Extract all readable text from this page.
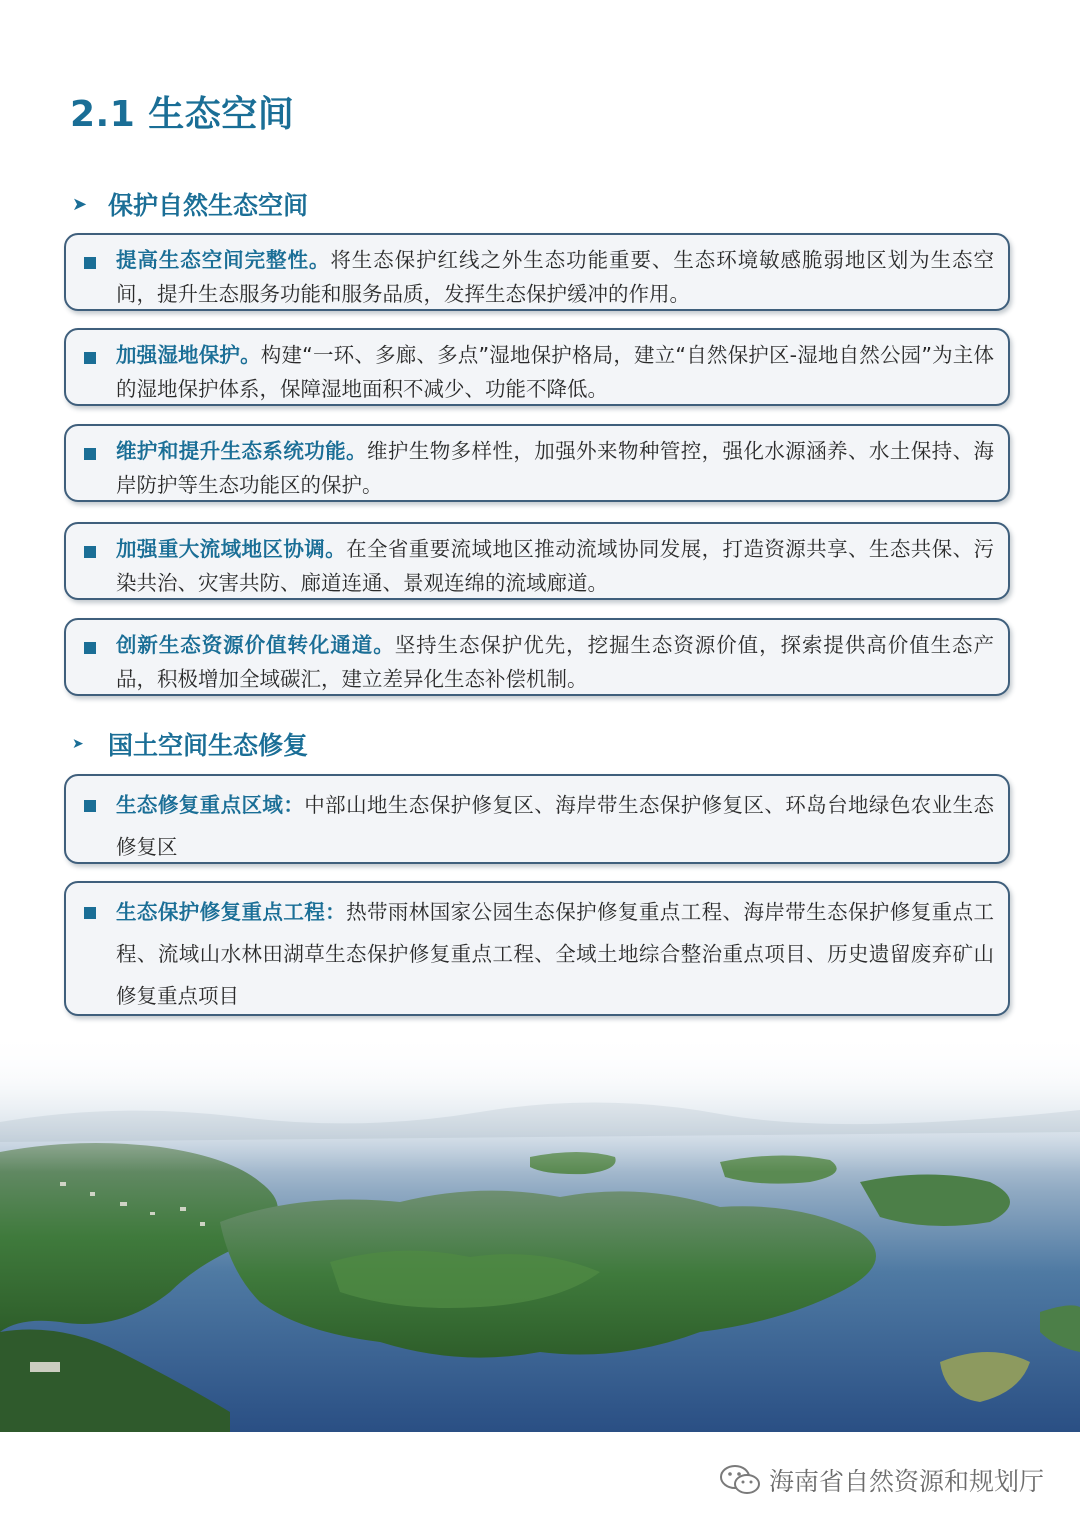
2.1 生态空间
➤ 保护自然生态空间
提高生态空间完整性。将生态保护红线之外生态功能重要、生态环境敏感脆弱地区划为生态空间，提升生态服务功能和服务品质，发挥生态保护缓冲的作用。
加强湿地保护。构建“一环、多廊、多点”湿地保护格局，建立“自然保护区-湿地自然公园”为主体的湿地保护体系，保障湿地面积不减少、功能不降低。
维护和提升生态系统功能。维护生物多样性，加强外来物种管控，强化水源涵养、水土保持、海岸防护等生态功能区的保护。
加强重大流域地区协调。在全省重要流域地区推动流域协同发展，打造资源共享、生态共保、污染共治、灾害共防、廊道连通、景观连绵的流域廊道。
创新生态资源价值转化通道。坚持生态保护优先，挖掘生态资源价值，探索提供高价值生态产品，积极增加全域碳汇，建立差异化生态补偿机制。
➤ 国土空间生态修复
生态修复重点区域：中部山地生态保护修复区、海岸带生态保护修复区、环岛台地绿色农业生态修复区
生态保护修复重点工程：热带雨林国家公园生态保护修复重点工程、海岸带生态保护修复重点工程、流域山水林田湖草生态保护修复重点工程、全域土地综合整治重点项目、历史遗留废弃矿山修复重点项目
海南省自然资源和规划厅
